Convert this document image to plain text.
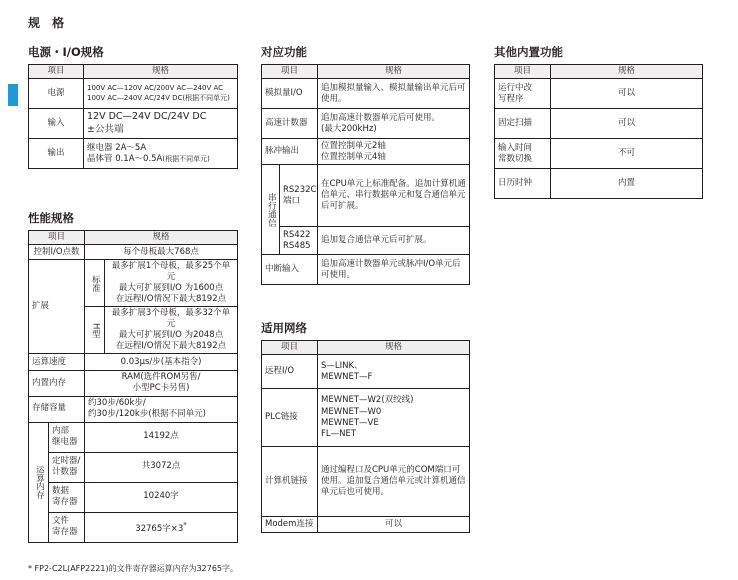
规 格
电源・I/O规格
项目	规格
电源	100V AC—120V AC/200V AC—240V AC
100V AC—240V AC/24V DC(根据不同单元)

输入	12V DC—24V DC/24V DC
±公共端

输出	继电器 2A～5A
晶体管 0.1A～0.5A(根据不同单元)
性能规格
项目		规格	
控制I/O点数		每个母板最大768点	
扩展		标准	最多扩展1个母板，最多25个单元
最大可扩展到I/O 为1600点
在远程I/O情况下最大8192点

		H型	最多扩展3个母板，最多32个单元
最大可扩展到I/O 为2048点
在远程I/O情况下最大8192点

运算速度		0.03μs/步(基本指令)	
内置内存		RAM(选件ROM另售/
小型PC卡另售)	

存储容量		约30步/60k步/
约30步/120k步(根据不同单元)	

运算内存	内部
继电器	14192点	

	定时器/
计数器	共3072点	

	数据
寄存器	10240字	

	文件
寄存器	32765字×3*
对应功能
项目		规格
模拟量I/O		追加模拟量输入、模拟量输出单元后可使用。
高速计数器		追加高速计数器单元后可使用。
(最大200kHz)

脉冲输出		位置控制单元2轴
位置控制单元4轴

串行通信	RS232C
端口	在CPU单元上标准配备。追加计算机通信单元、串行数据单元和复合通信单元后可扩展。

	RS422
RS485	追加复合通信单元后可扩展。
中断输入		追加高速计数器单元或脉冲I/O单元后可使用。
适用网络
项目	规格
远程I/O	S—LINK、
MEWNET—F

PLC链接	MEWNET—W2(双绞线)
MEWNET—W0
MEWNET—VE
FL—NET

计算机链接	通过编程口及CPU单元的COM端口可使用。追加复合通信单元或计算机通信单元后也可使用。
Modem连接	可以
其他内置功能
项目	规格

运行中改
写程序	可以
固定扫描	可以

输入时间
常数切换	不可
日历时钟	内置
* FP2-C2L(AFP2221)的文件寄存器运算内存为32765字。
